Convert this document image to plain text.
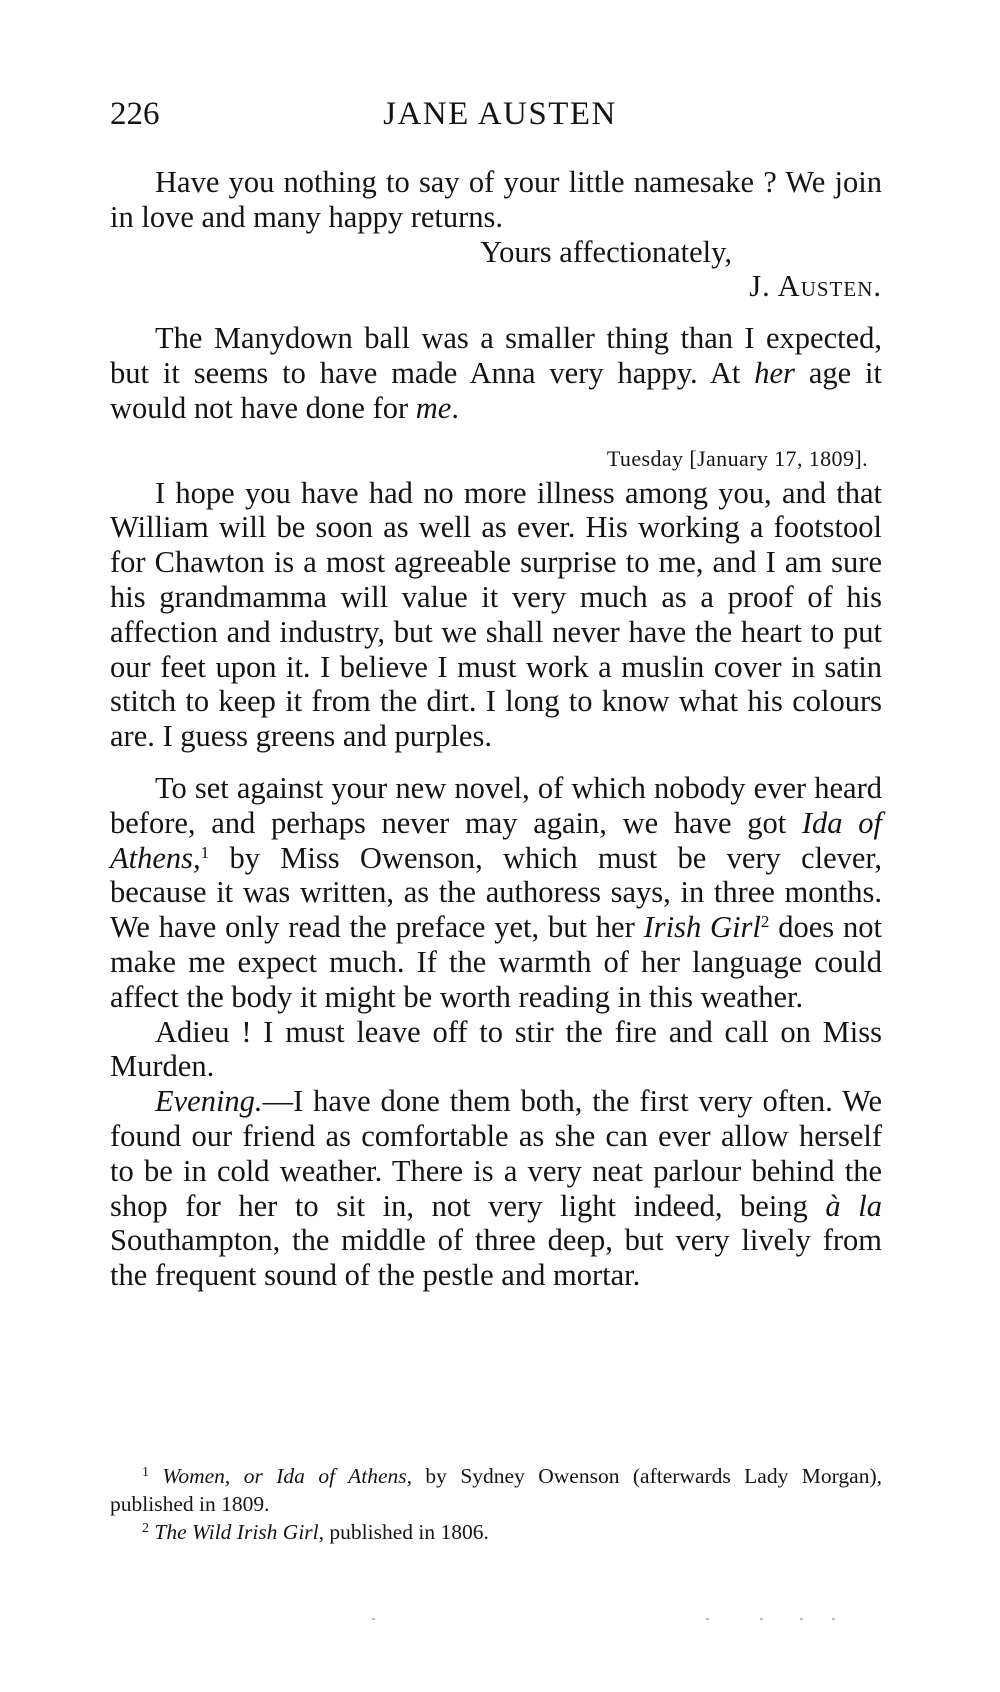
226	JANE AUSTEN

Have you nothing to say of your little namesake ? We join in love and many happy returns.

Yours affectionately,

J. Austen.

The Manydown ball was a smaller thing than I expected, but it seems to have made Anna very happy. At her age it would not have done for me.

Tuesday [January 17, 1809].

I hope you have had no more illness among you, and that William will be soon as well as ever. His working a footstool for Chawton is a most agreeable surprise to me, and I am sure his grandmamma will value it very much as a proof of his affection and industry, but we shall never have the heart to put our feet upon it. I believe I must work a muslin cover in satin stitch to keep it from the dirt. I long to know what his colours are. I guess greens and purples.

To set against your new novel, of which nobody ever heard before, and perhaps never may again, we have got Ida of Athens,$^1$ by Miss Owenson, which must be very clever, because it was written, as the authoress says, in three months. We have only read the preface yet, but her Irish Girl$^2$ does not make me expect much. If the warmth of her language could affect the body it might be worth reading in this weather.

Adieu ! I must leave off to stir the fire and call on Miss Murden.

Evening.—I have done them both, the first very often. We found our friend as comfortable as she can ever allow herself to be in cold weather. There is a very neat parlour behind the shop for her to sit in, not very light indeed, being à la Southampton, the middle of three deep, but very lively from the frequent sound of the pestle and mortar.

$^1$ Women, or Ida of Athens, by Sydney Owenson (afterwards Lady Morgan), published in 1809.

$^2$ The Wild Irish Girl, published in 1806.
